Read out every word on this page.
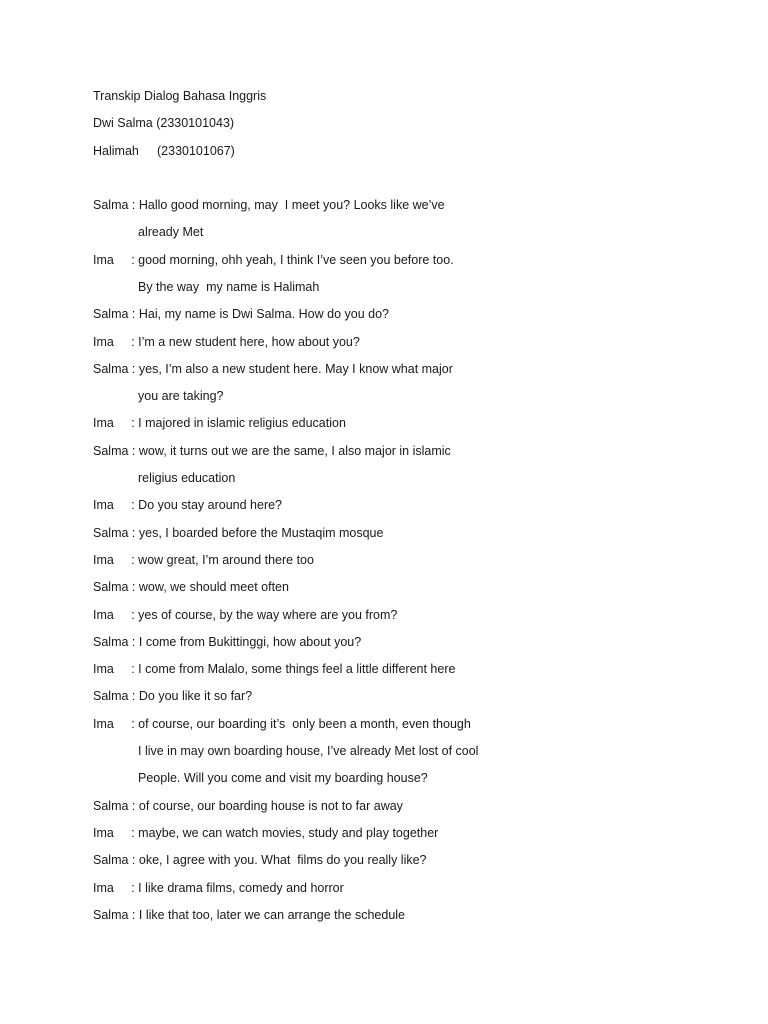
Transkip Dialog Bahasa Inggris
Dwi Salma (2330101043)
Halimah (2330101067)
Salma : Hallo good morning, may  I meet you? Looks like we’ve
already Met
Ima     : good morning, ohh yeah, I think I’ve seen you before too.
By the way  my name is Halimah
Salma : Hai, my name is Dwi Salma. How do you do?
Ima     : I’m a new student here, how about you?
Salma : yes, I’m also a new student here. May I know what major
you are taking?
Ima     : I majored in islamic religius education
Salma : wow, it turns out we are the same, I also major in islamic
religius education
Ima     : Do you stay around here?
Salma : yes, I boarded before the Mustaqim mosque
Ima     : wow great, I’m around there too
Salma : wow, we should meet often
Ima     : yes of course, by the way where are you from?
Salma : I come from Bukittinggi, how about you?
Ima     : I come from Malalo, some things feel a little different here
Salma : Do you like it so far?
Ima     : of course, our boarding it’s  only been a month, even though
I live in may own boarding house, I’ve already Met lost of cool
People. Will you come and visit my boarding house?
Salma : of course, our boarding house is not to far away
Ima     : maybe, we can watch movies, study and play together
Salma : oke, I agree with you. What  films do you really like?
Ima     : I like drama films, comedy and horror
Salma : I like that too, later we can arrange the schedule
